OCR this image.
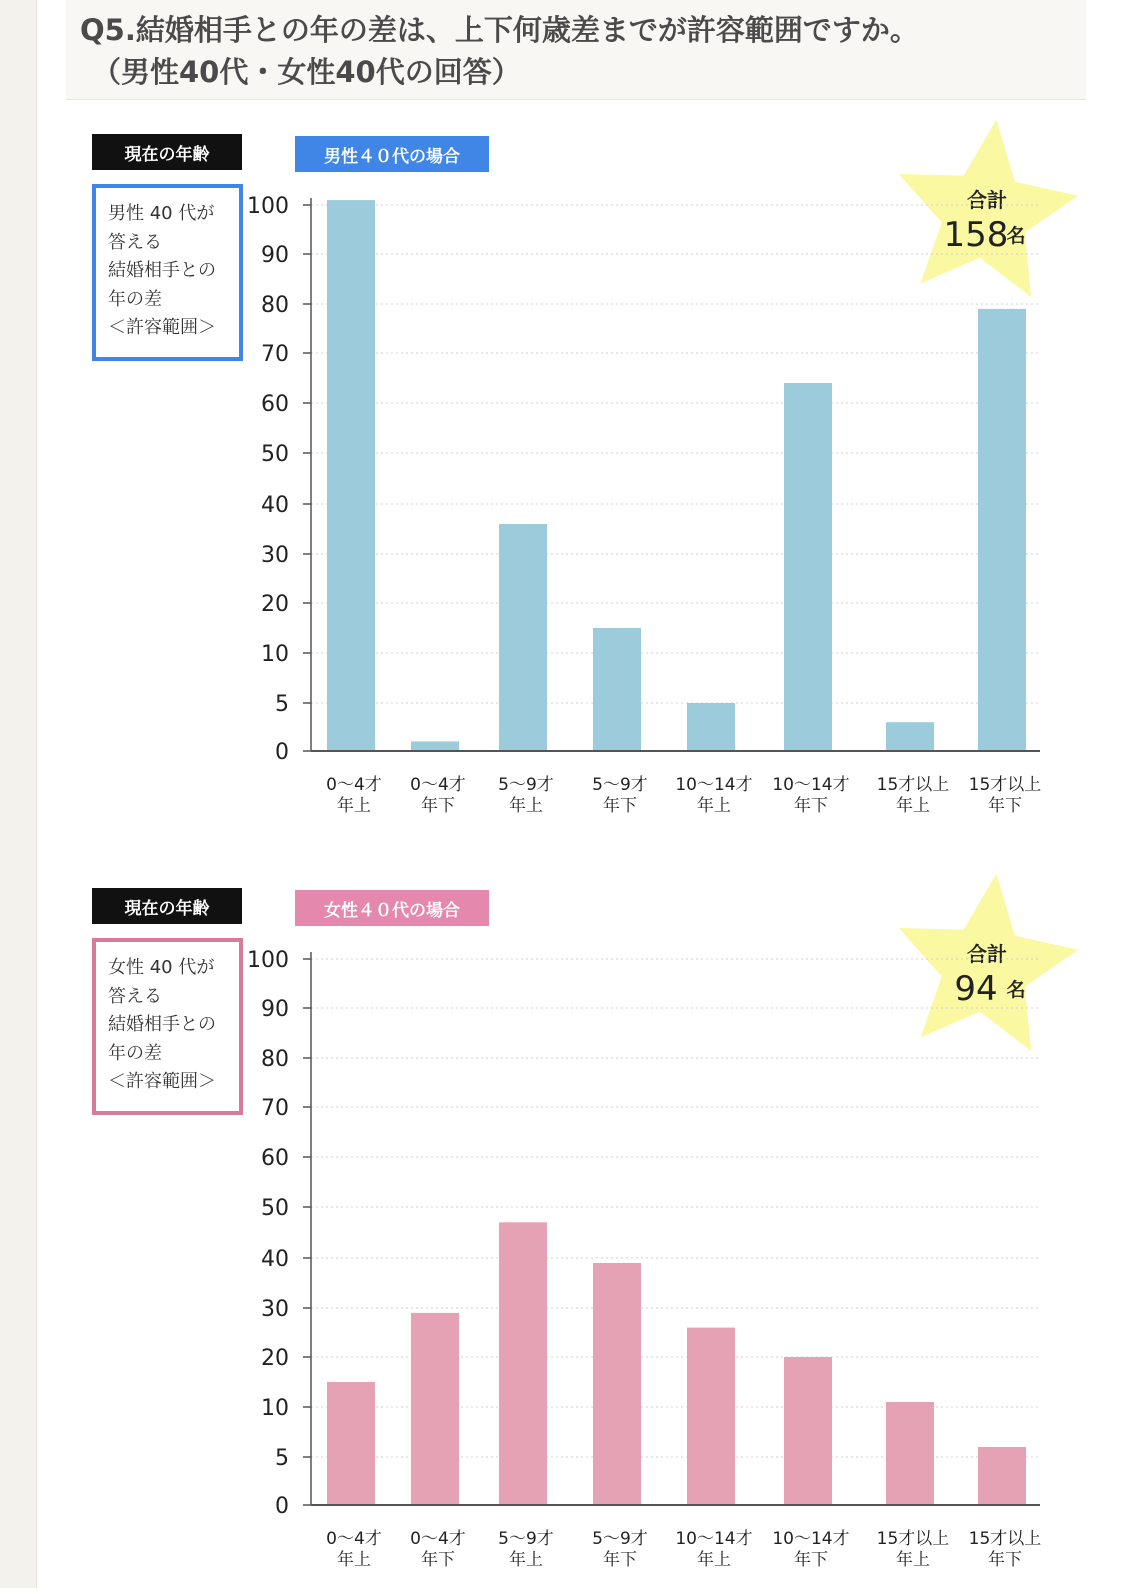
Q5.結婚相手との年の差は、上下何歳差までが許容範囲ですか。
（男性40代・女性40代の回答）
現在の年齢	男性４０代の場合
男性 40 代が
答える
結婚相手との
年の差
＜許容範囲＞
合計
158
名
0
5
10
20
30
40
50
60
70
80
90
100
0～4才
年上
0～4才
年下
5～9才
年上
5～9才
年下
10～14才
年上
10～14才
年下
15才以上
年上
15才以上
年下
現在の年齢	女性４０代の場合
女性 40 代が
答える
結婚相手との
年の差
＜許容範囲＞
合計
94 名
0
5
10
20
30
40
50
60
70
80
90
100
0～4才
年上
0～4才
年下
5～9才
年上
5～9才
年下
10～14才
年上
10～14才
年下
15才以上
年上
15才以上
年下
